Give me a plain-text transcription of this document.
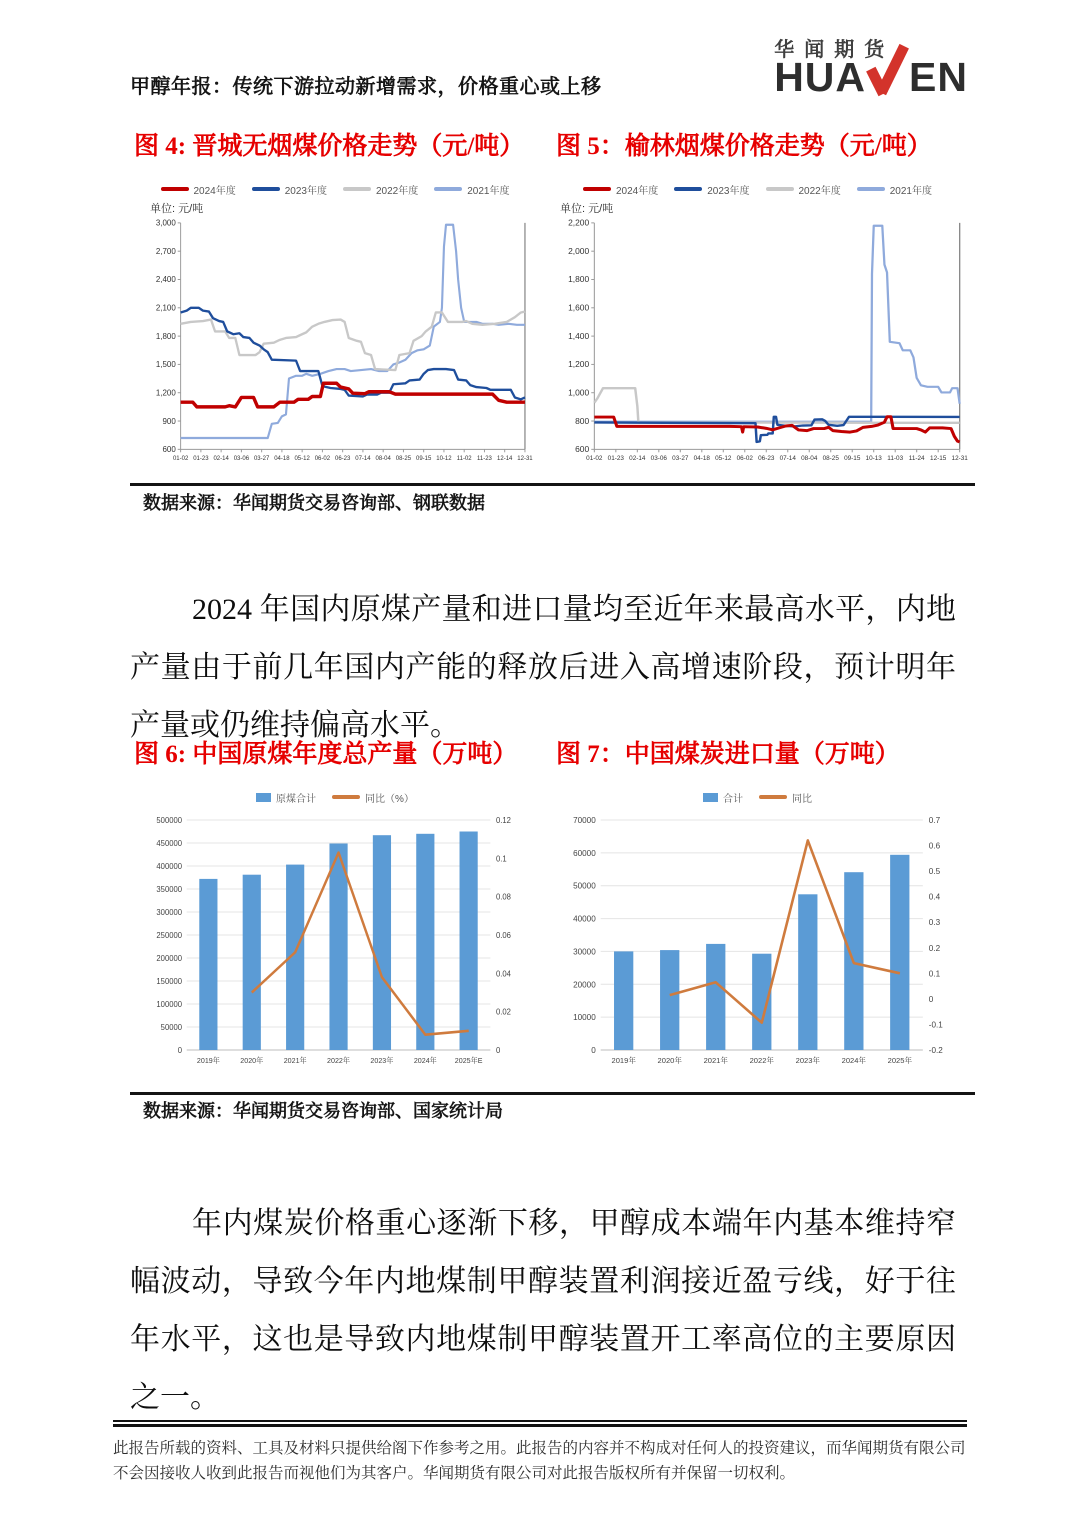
甲醇年报：传统下游拉动新增需求，价格重心或上移
华闻期货
HUA EN
图 4: 晋城无烟煤价格走势（元/吨）	图 5：榆林烟煤价格走势（元/吨）
2024年度	2023年度	2022年度	2021年度
单位: 元/吨
600
900
1,200
1,500
1,800
2,100
2,400
2,700
3,000
01-02 01-23 02-14 03-06 03-27 04-18 05-12 06-02 06-23 07-14 08-04 08-25 09-15 10-12 11-02 11-23 12-14 12-31
2024年度	2023年度	2022年度	2021年度
单位: 元/吨
600
800
1,000
1,200
1,400
1,600
1,800
2,000
2,200
01-02 01-23 02-14 03-06 03-27 04-18 05-12 06-02 06-23 07-14 08-04 08-25 09-15 10-13 11-03 11-24 12-15 12-31
数据来源：华闻期货交易咨询部、钢联数据

2024 年国内原煤产量和进口量均至近年来最高水平，内地产量由于前几年国内产能的释放后进入高增速阶段，预计明年产量或仍维持偏高水平。

图 6: 中国原煤年度总产量（万吨）	图 7：中国煤炭进口量（万吨）
原煤合计	同比（%）
0
50000
100000
150000
200000
250000
300000
350000
400000
450000
500000
0
0.02
0.04
0.06
0.08
0.1
0.12
2019年	2020年	2021年	2022年	2023年	2024年 2025年E
合计	同比
0
10000
20000
30000
40000
50000
60000
70000
-0.2
-0.1
0
0.1
0.2
0.3
0.4
0.5
0.6
0.7
2019年	2020年	2021年	2022年	2023年	2024年	2025年
数据来源：华闻期货交易咨询部、国家统计局

年内煤炭价格重心逐渐下移，甲醇成本端年内基本维持窄幅波动，导致今年内地煤制甲醇装置利润接近盈亏线，好于往年水平，这也是导致内地煤制甲醇装置开工率高位的主要原因之一。

此报告所载的资料、工具及材料只提供给阁下作参考之用。此报告的内容并不构成对任何人的投资建议，而华闻期货有限公司不会因接收人收到此报告而视他们为其客户。华闻期货有限公司对此报告版权所有并保留一切权利。
